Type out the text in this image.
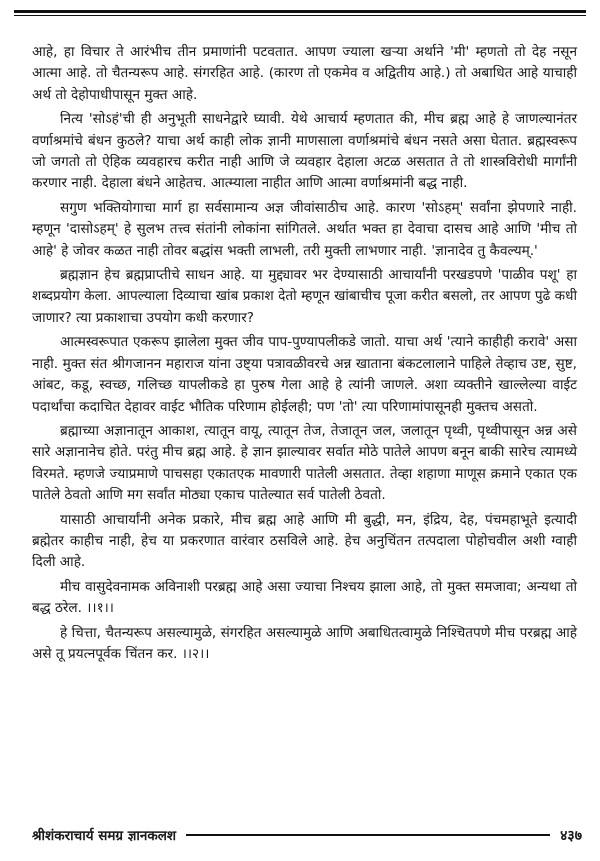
आहे, हा विचार ते आरंभीच तीन प्रमाणांनी पटवतात. आपण ज्याला खऱ्या अर्थाने 'मी' म्हणतो तो देह नसून आत्मा आहे. तो चैतन्यरूप आहे. संगरहित आहे. (कारण तो एकमेव व अद्वितीय आहे.) तो अबाधित आहे याचाही अर्थ तो देहोपाधीपासून मुक्त आहे.

नित्य 'सोऽहं'ची ही अनुभूती साधनेद्वारे घ्यावी. येथे आचार्य म्हणतात की, मीच ब्रह्म आहे हे जाणल्यानंतर वर्णाश्रमांचे बंधन कुठले? याचा अर्थ काही लोक ज्ञानी माणसाला वर्णाश्रमांचे बंधन नसते असा घेतात. ब्रह्मस्वरूप जो जगतो तो ऐहिक व्यवहारच करीत नाही आणि जे व्यवहार देहाला अटळ असतात ते तो शास्त्रविरोधी मार्गांनी करणार नाही. देहाला बंधने आहेतच. आत्म्याला नाहीत आणि आत्मा वर्णाश्रमांनी बद्ध नाही.

सगुण भक्तियोगाचा मार्ग हा सर्वसामान्य अज्ञ जीवांसाठीच आहे. कारण 'सोऽहम्' सर्वांना झेपणारे नाही. म्हणून 'दासोऽहम्' हे सुलभ तत्त्व संतांनी लोकांना सांगितले. अर्थात भक्त हा देवाचा दासच आहे आणि 'मीच तो आहे' हे जोवर कळत नाही तोवर बद्धांस भक्ती लाभली, तरी मुक्ती लाभणार नाही. 'ज्ञानादेव तु कैवल्यम्.'

ब्रह्मज्ञान हेच ब्रह्मप्राप्तीचे साधन आहे. या मुद्द्यावर भर देण्यासाठी आचार्यांनी परखडपणे 'पाळीव पशू' हा शब्दप्रयोग केला. आपल्याला दिव्याचा खांब प्रकाश देतो म्हणून खांबाचीच पूजा करीत बसलो, तर आपण पुढे कधी जाणार? त्या प्रकाशाचा उपयोग कधी करणार?

आत्मस्वरूपात एकरूप झालेला मुक्त जीव पाप-पुण्यापलीकडे जातो. याचा अर्थ 'त्याने काहीही करावे' असा नाही. मुक्त संत श्रीगजानन महाराज यांना उष्ट्या पत्रावळीवरचे अन्न खाताना बंकटलालाने पाहिले तेव्हाच उष्ट, सुष्ट, आंबट, कडू, स्वच्छ, गलिच्छ यापलीकडे हा पुरुष गेला आहे हे त्यांनी जाणले. अशा व्यक्तीने खाल्लेल्या वाईट पदार्थांचा कदाचित देहावर वाईट भौतिक परिणाम होईलही; पण 'तो' त्या परिणामांपासूनही मुक्तच असतो.

ब्रह्माच्या अज्ञानातून आकाश, त्यातून वायू, त्यातून तेज, तेजातून जल, जलातून पृथ्वी, पृथ्वीपासून अन्न असे सारे अज्ञानानेच होते. परंतु मीच ब्रह्म आहे. हे ज्ञान झाल्यावर सर्वात मोठे पातेले आपण बनून बाकी सारेच त्यामध्ये विरमते. म्हणजे ज्याप्रमाणे पाचसहा एकातएक मावणारी पातेली असतात. तेव्हा शहाणा माणूस क्रमाने एकात एक पातेले ठेवतो आणि मग सर्वांत मोठ्या एकाच पातेल्यात सर्व पातेली ठेवतो.

यासाठी आचार्यांनी अनेक प्रकारे, मीच ब्रह्म आहे आणि मी बुद्धी, मन, इंद्रिय, देह, पंचमहाभूते इत्यादी ब्रह्मेतर काहीच नाही, हेच या प्रकरणात वारंवार ठसविले आहे. हेच अनुचिंतन तत्पदाला पोहोचवील अशी ग्वाही दिली आहे.

मीच वासुदेवनामक अविनाशी परब्रह्म आहे असा ज्याचा निश्चय झाला आहे, तो मुक्त समजावा; अन्यथा तो बद्ध ठरेल. ।।१।।

हे चित्ता, चैतन्यरूप असल्यामुळे, संगरहित असल्यामुळे आणि अबाधितत्वामुळे निश्चितपणे मीच परब्रह्म आहे असे तू प्रयत्नपूर्वक चिंतन कर. ।।२।।

श्रीशंकराचार्य समग्र ज्ञानकलश	४३७
